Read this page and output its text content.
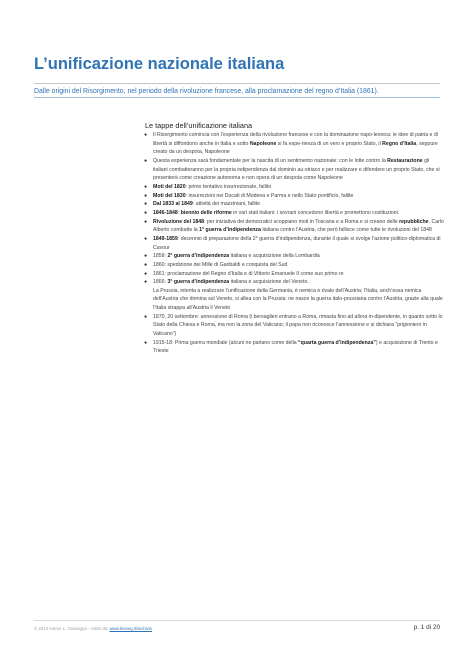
L’unificazione nazionale italiana
Dalle origini del Risorgimento, nel periodo della rivoluzione francese, alla proclamazione del regno d’Italia (1861).
Le tappe dell’unificazione italiana
● Il Risorgimento comincia con l’esperienza della rivoluzione francese e con la dominazione napo-leonica: le idee di patria e di libertà si diffondono anche in Italia e sotto Napoleone si fa espe-rienza di un vero e proprio Stato, il Regno d’Italia, seppure creato da un despota, Napoleone
● Questa esperienza sarà fondamentale per la nascita di un sentimento nazionale: con le lotte contro la Restaurazione gli italiani combatteranno per la propria indipendenza dal dominio au-striaco e per realizzare e difendere un proprio Stato, che si presenterà come creazione autonoma e non opera di un despota come Napoleone
● Moti del 1820: primo tentativo insurrezionale, fallito
● Moti del 1830: insurrezioni nei Ducati di Modena e Parma e nello Stato pontificio, fallite
● Dal 1833 al 1849: attività dei mazziniani, fallite
● 1846-1848: biennio delle riforme in vari stati italiani: i sovrani concedono libertà e promettono costituzioni.
● Rivoluzione del 1848: per iniziativa dei democratici scoppiano moti in Toscana e a Roma e si creano delle repubbliche. Carlo Alberto combatte la 1° guerra d’indipendenza italiana contro l’Austria, che però fallisce come tutte le rivoluzioni del 1848
● 1849-1859: decennio di preparazione della 2° guerra d’indipendenza, durante il quale si svolge l’azione politico-diplomatica di Cavour
● 1859: 2° guerra d’indipendenza italiana e acquisizione della Lombardia
● 1860: spedizione dei Mille di Garibaldi e conquista del Sud
● 1861: proclamazione del Regno d’Italia e di Vittorio Emanuele II come suo primo re
● 1866: 3° guerra d’indipendenza italiana e acquisizione del Veneto.
La Prussia, intenta a realizzare l’unificazione della Germania, è nemica e rivale dell’Austria; l’Italia, anch’essa nemica dell’Austria che domina sul Veneto, si allea con la Prussia: ne nasce la guerra italo-prussiana contro l’Austria, grazie alla quale l’Italia strappa all’Austria il Veneto
● 1870, 20 settembre: annessione di Roma (i bersaglieri entrano a Roma, rimasta fino ad allora in-dipendente, in quanto sotto lo Stato della Chiesa e Roma, ma non la zona del Vaticano; il papa non riconosce l’annessione e si dichiara “prigioniero in Vaticano”)
● 1915-18: Prima guerra mondiale (alcuni ne parlano come della “quarta guerra d’indipendenza”) e acquisizione di Trento e Trieste
© 2013 Autore L. Guaragna – tratto da: www.leoneg.it/archivio	p. 1 di 20
